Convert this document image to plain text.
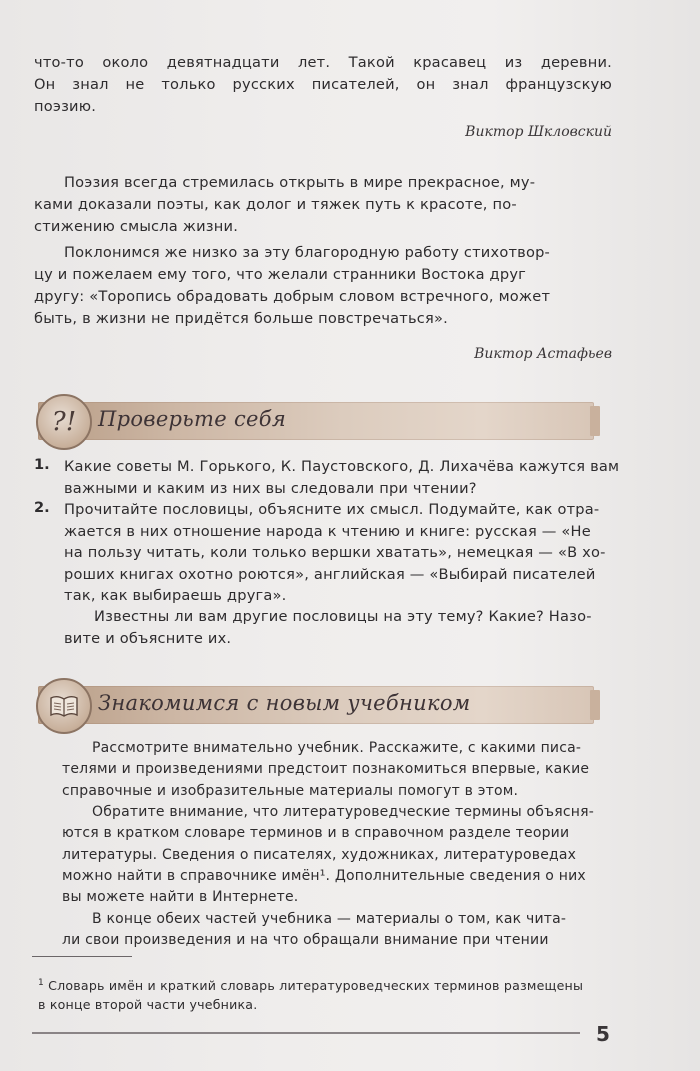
что-то около девятнадцати лет. Такой красавец из деревни.
Он знал не только русских писателей, он знал французскую
поэзию.
Виктор Шкловский
Поэзия всегда стремилась открыть в мире прекрасное, му-
ками доказали поэты, как долог и тяжек путь к красоте, по-
стижению смысла жизни.
Поклонимся же низко за эту благородную работу стихотвор-
цу и пожелаем ему того, что желали странники Востока друг
другу: «Торопись обрадовать добрым словом встречного, может
быть, в жизни не придётся больше повстречаться».
Виктор Астафьев
?! Проверьте себя
1. Какие советы М. Горького, К. Паустовского, Д. Лихачёва кажутся вам
важными и каким из них вы следовали при чтении?
2. Прочитайте пословицы, объясните их смысл. Подумайте, как отра-
жается в них отношение народа к чтению и книге: русская — «Не
на пользу читать, коли только вершки хватать», немецкая — «В хо-
роших книгах охотно роются», английская — «Выбирай писателей
так, как выбираешь друга».
Известны ли вам другие пословицы на эту тему? Какие? Назо-
вите и объясните их.
Знакомимся с новым учебником
Рассмотрите внимательно учебник. Расскажите, с какими писа-
телями и произведениями предстоит познакомиться впервые, какие
справочные и изобразительные материалы помогут в этом.
Обратите внимание, что литературоведческие термины объясня-
ются в кратком словаре терминов и в справочном разделе теории
литературы. Сведения о писателях, художниках, литературоведах
можно найти в справочнике имён¹. Дополнительные сведения о них
вы можете найти в Интернете.
В конце обеих частей учебника — материалы о том, как чита-
ли свои произведения и на что обращали внимание при чтении
$^1$ Словарь имён и краткий словарь литературоведческих терминов размещены
в конце второй части учебника.
5
